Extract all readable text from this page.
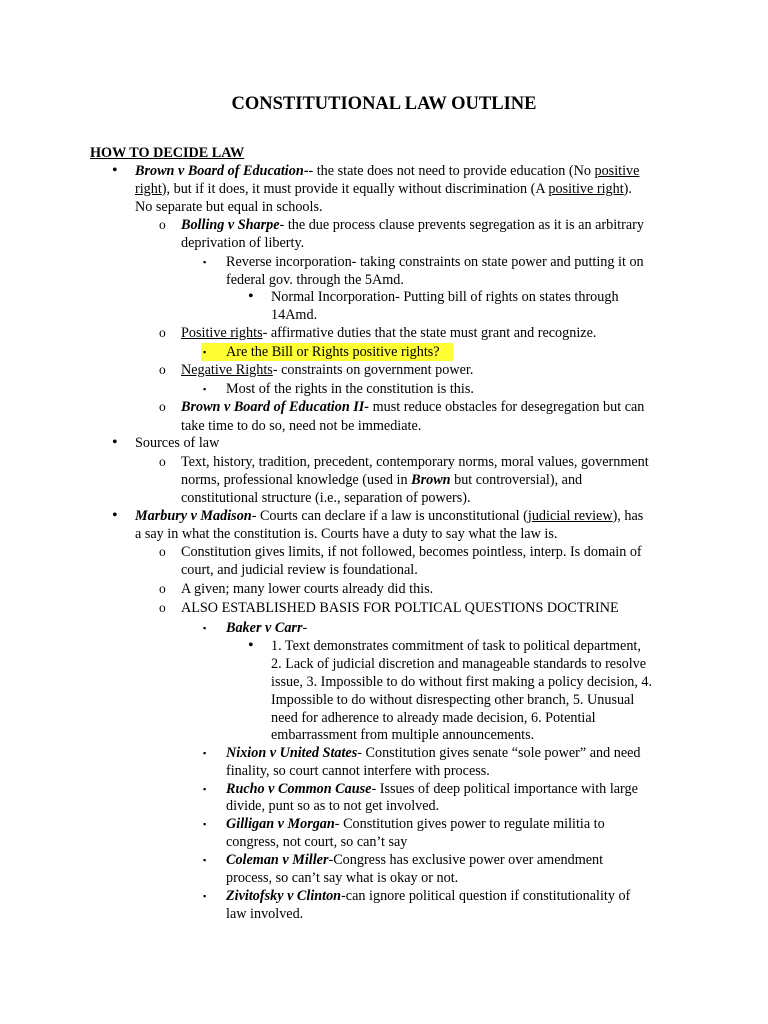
CONSTITUTIONAL LAW OUTLINE
HOW TO DECIDE LAW
• Brown v Board of Education-- the state does not need to provide education (No positive
right), but if it does, it must provide it equally without discrimination (A positive right).
No separate but equal in schools.
o Bolling v Sharpe- the due process clause prevents segregation as it is an arbitrary
deprivation of liberty.
▪ Reverse incorporation- taking constraints on state power and putting it on
federal gov. through the 5Amd.
• Normal Incorporation- Putting bill of rights on states through
14Amd.
o Positive rights- affirmative duties that the state must grant and recognize.
▪ Are the Bill or Rights positive rights?
o Negative Rights- constraints on government power.
▪ Most of the rights in the constitution is this.
o Brown v Board of Education II- must reduce obstacles for desegregation but can
take time to do so, need not be immediate.
• Sources of law
o Text, history, tradition, precedent, contemporary norms, moral values, government
norms, professional knowledge (used in Brown but controversial), and
constitutional structure (i.e., separation of powers).
• Marbury v Madison- Courts can declare if a law is unconstitutional (judicial review), has
a say in what the constitution is. Courts have a duty to say what the law is.
o Constitution gives limits, if not followed, becomes pointless, interp. Is domain of
court, and judicial review is foundational.
o A given; many lower courts already did this.
o ALSO ESTABLISHED BASIS FOR POLTICAL QUESTIONS DOCTRINE
▪ Baker v Carr-
• 1. Text demonstrates commitment of task to political department,
2. Lack of judicial discretion and manageable standards to resolve
issue, 3. Impossible to do without first making a policy decision, 4.
Impossible to do without disrespecting other branch, 5. Unusual
need for adherence to already made decision, 6. Potential
embarrassment from multiple announcements.
▪ Nixion v United States- Constitution gives senate “sole power” and need
finality, so court cannot interfere with process.
▪ Rucho v Common Cause- Issues of deep political importance with large
divide, punt so as to not get involved.
▪ Gilligan v Morgan- Constitution gives power to regulate militia to
congress, not court, so can’t say
▪ Coleman v Miller-Congress has exclusive power over amendment
process, so can’t say what is okay or not.
▪ Zivitofsky v Clinton-can ignore political question if constitutionality of
law involved.
